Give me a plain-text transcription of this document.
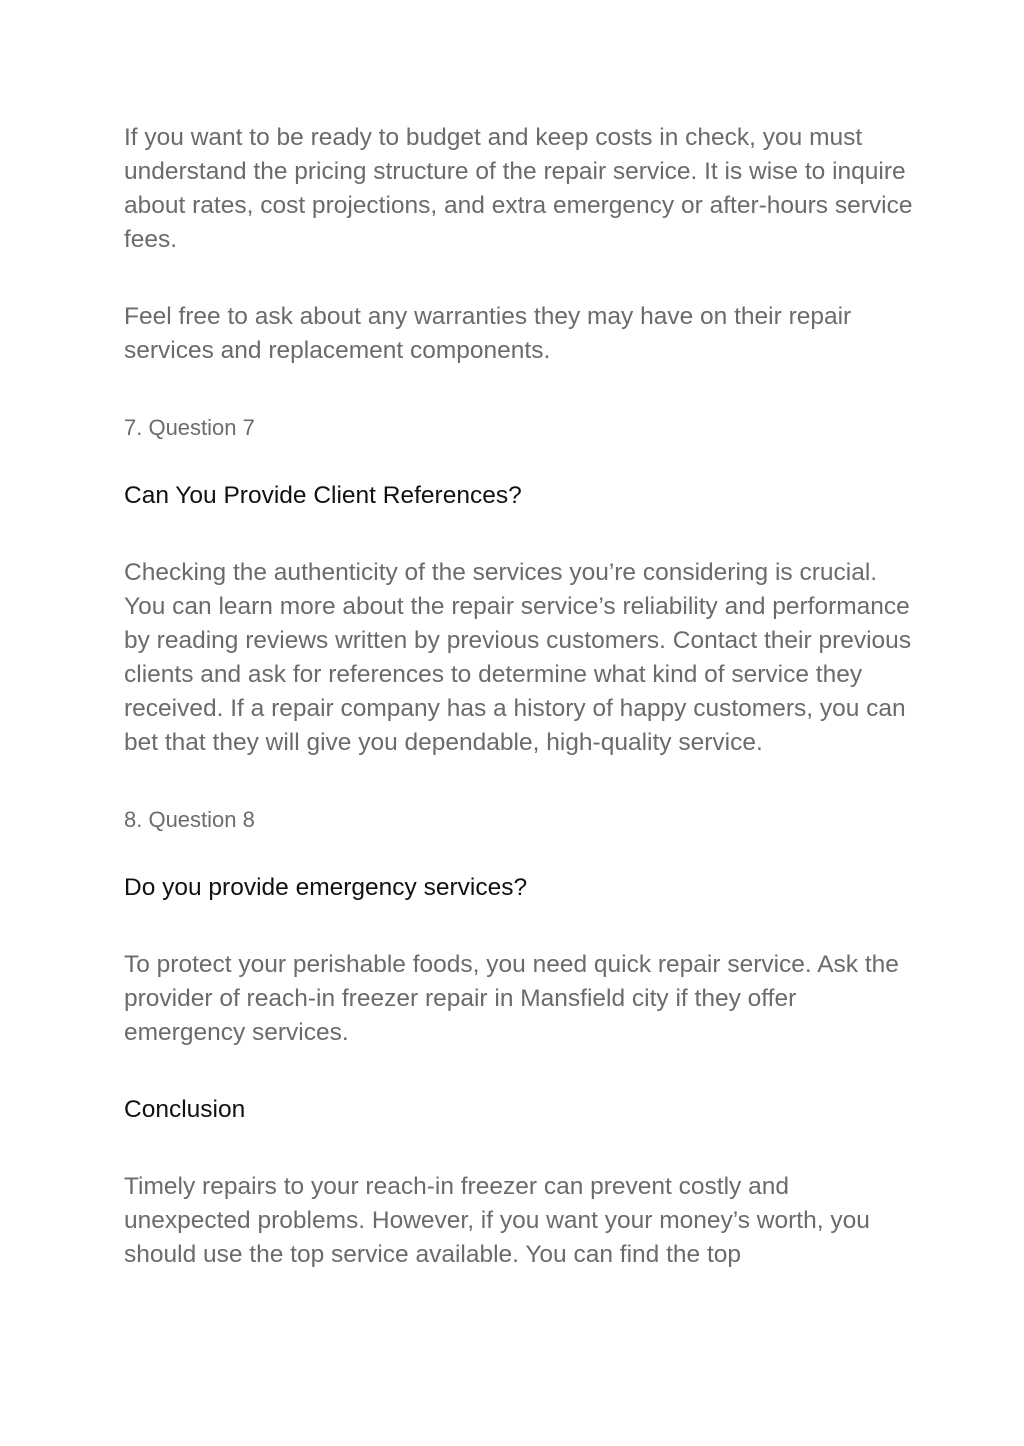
If you want to be ready to budget and keep costs in check, you must understand the pricing structure of the repair service. It is wise to inquire about rates, cost projections, and extra emergency or after-hours service fees.

Feel free to ask about any warranties they may have on their repair services and replacement components.

7. Question 7

Can You Provide Client References?

Checking the authenticity of the services you’re considering is crucial. You can learn more about the repair service’s reliability and performance by reading reviews written by previous customers. Contact their previous clients and ask for references to determine what kind of service they received. If a repair company has a history of happy customers, you can bet that they will give you dependable, high-quality service.

8. Question 8

Do you provide emergency services?

To protect your perishable foods, you need quick repair service. Ask the provider of reach-in freezer repair in Mansfield city if they offer emergency services.

Conclusion

Timely repairs to your reach-in freezer can prevent costly and unexpected problems. However, if you want your money’s worth, you should use the top service available. You can find the top
